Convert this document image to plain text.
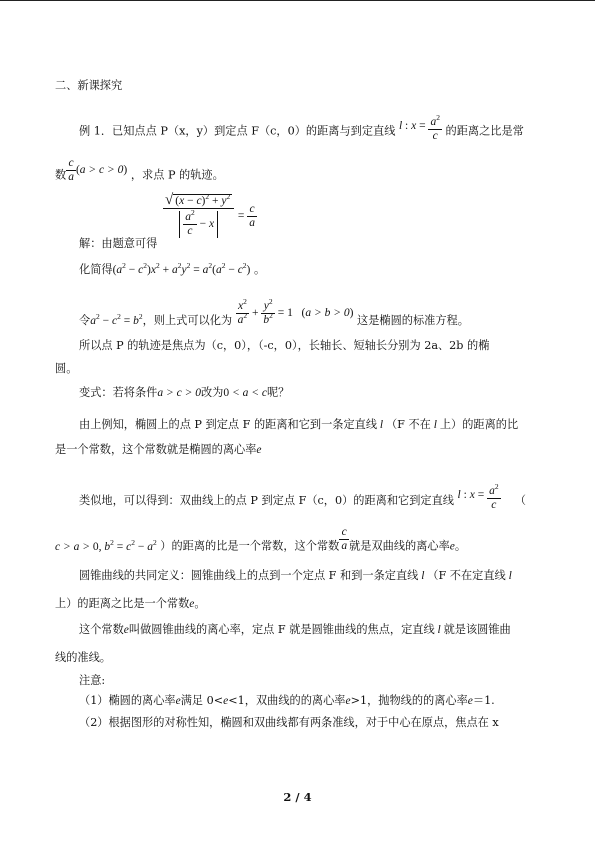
二、新课探究
例 1．已知点点 P（x，y）到定点 F（c，0）的距离与到定直线 l : $x = \frac{a^2}{c}$ 的距离之比是常
数 $\frac{c}{a} (a > c > 0)$ ，求点 P 的轨迹。
$\frac{√ (x - c)^2 + y^2}{\frac{a^2}{c} - x} = \frac{c}{a}$
解：由题意可得
化简得$(a^2 - c^2)x^2 + a^2y^2 = a^2(a^2 - c^2)$ 。
令$a^2 - c^2 = b^2$，则上式可以化为 $\frac{x^2}{a^2} + \frac{y^2}{b^2} = 1$ (a > b > 0) 这是椭圆的标准方程。
所以点 P 的轨迹是焦点为（c，0），（-c，0），长轴长、短轴长分别为 2a、2b 的椭
圆。
变式：若将条件a > c > 0改为0 < a < c呢？
由上例知，椭圆上的点 P 到定点 F 的距离和它到一条定直线 l （F 不在 l 上）的距离的比
是一个常数，这个常数就是椭圆的离心率e
类似地，可以得到：双曲线上的点 P 到定点 F（c，0）的距离和它到定直线 l : $x = \frac{a^2}{c}$ （
c > a > 0, $b^2 = c^2 - a^2$ ）的距离的比是一个常数，这个常数 $\frac{c}{a}$ 就是双曲线的离心率e。
圆锥曲线的共同定义：圆锥曲线上的点到一个定点 F 和到一条定直线 l （F 不在定直线 l
上）的距离之比是一个常数e。
这个常数e叫做圆锥曲线的离心率，定点 F 就是圆锥曲线的焦点，定直线 l 就是该圆锥曲
线的准线。
注意:
（1）椭圆的离心率e满足 0<e<1，双曲线的的离心率e>1，抛物线的的离心率e＝1.
（2）根据图形的对称性知，椭圆和双曲线都有两条准线，对于中心在原点，焦点在 x
2 / 4
